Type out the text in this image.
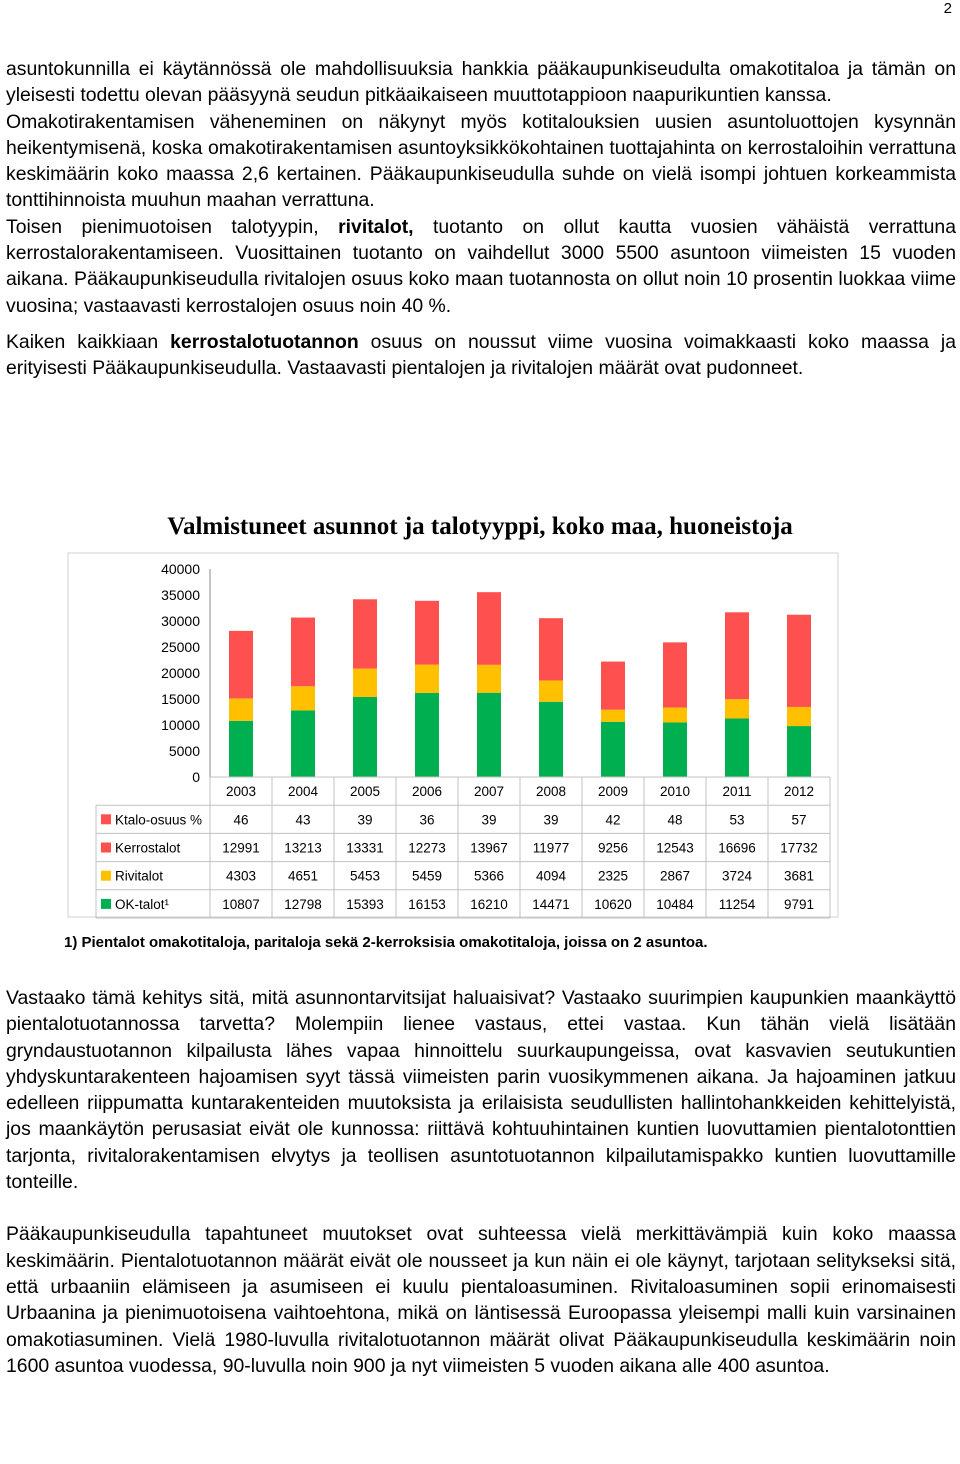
2

asuntokunnilla ei käytännössä ole mahdollisuuksia hankkia pääkaupunkiseudulta omakotitaloa ja tämän on yleisesti todettu olevan pääsyynä seudun pitkäaikaiseen muuttotappioon naapurikuntien kanssa.

Omakotirakentamisen väheneminen on näkynyt myös kotitalouksien uusien asuntoluottojen kysynnän heikentymisenä, koska omakotirakentamisen asuntoyksikkökohtainen tuottajahinta on kerrostaloihin verrattuna keskimäärin koko maassa 2,6 kertainen. Pääkaupunkiseudulla suhde on vielä isompi johtuen korkeammista tonttihinnoista muuhun maahan verrattuna.

Toisen pienimuotoisen talotyypin, rivitalot, tuotanto on ollut kautta vuosien vähäistä verrattuna kerrostalorakentamiseen. Vuosittainen tuotanto on vaihdellut 3000 5500 asuntoon viimeisten 15 vuoden aikana. Pääkaupunkiseudulla rivitalojen osuus koko maan tuotannosta on ollut noin 10 prosentin luokkaa viime vuosina; vastaavasti kerrostalojen osuus noin 40 %.

Kaiken kaikkiaan kerrostalotuotannon osuus on noussut viime vuosina voimakkaasti koko maassa ja erityisesti Pääkaupunkiseudulla. Vastaavasti pientalojen ja rivitalojen määrät ovat pudonneet.

Valmistuneet asunnot ja talotyyppi, koko maa, huoneistoja
40000
35000
30000
25000
20000
15000
10000
5000
0
2003 2004 2005 2006 2007 2008 2009 2010 2011 2012
Ktalo-osuus % 46	43	39	36	39	39	42	48	53	57
Kerrostalot	12991 13213 13331 12273 13967 11977 9256 12543 16696 17732
Rivitalot	4303 4651 5453 5459 5366 4094 2325 2867 3724 3681
OK-talot¹	10807 12798 15393 16153 16210 14471 10620 10484 11254 9791
1) Pientalot omakotitaloja, paritaloja sekä 2-kerroksisia omakotitaloja, joissa on 2 asuntoa.

Vastaako tämä kehitys sitä, mitä asunnontarvitsijat haluaisivat? Vastaako suurimpien kaupunkien maankäyttö pientalotuotannossa tarvetta? Molempiin lienee vastaus, ettei vastaa. Kun tähän vielä lisätään gryndaustuotannon kilpailusta lähes vapaa hinnoittelu suurkaupungeissa, ovat kasvavien seutukuntien yhdyskuntarakenteen hajoamisen syyt tässä viimeisten parin vuosikymmenen aikana. Ja hajoaminen jatkuu edelleen riippumatta kuntarakenteiden muutoksista ja erilaisista seudullisten hallintohankkeiden kehittelyistä, jos maankäytön perusasiat eivät ole kunnossa: riittävä kohtuuhintainen kuntien luovuttamien pientalotonttien tarjonta, rivitalorakentamisen elvytys ja teollisen asuntotuotannon kilpailutamispakko kuntien luovuttamille tonteille.

Pääkaupunkiseudulla tapahtuneet muutokset ovat suhteessa vielä merkittävämpiä kuin koko maassa keskimäärin. Pientalotuotannon määrät eivät ole nousseet ja kun näin ei ole käynyt, tarjotaan selitykseksi sitä, että urbaaniin elämiseen ja asumiseen ei kuulu pientaloasuminen. Rivitaloasuminen sopii erinomaisesti Urbaanina ja pienimuotoisena vaihtoehtona, mikä on läntisessä Euroopassa yleisempi malli kuin varsinainen omakotiasuminen. Vielä 1980-luvulla rivitalotuotannon määrät olivat Pääkaupunkiseudulla keskimäärin noin 1600 asuntoa vuodessa, 90-luvulla noin 900 ja nyt viimeisten 5 vuoden aikana alle 400 asuntoa.
